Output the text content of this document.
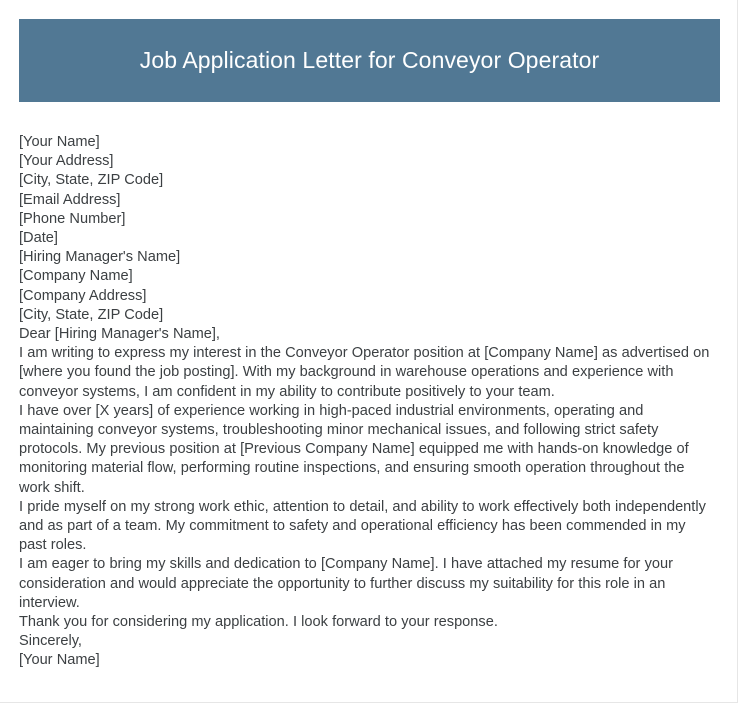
Job Application Letter for Conveyor Operator
[Your Name]
[Your Address]
[City, State, ZIP Code]
[Email Address]
[Phone Number]
[Date]
[Hiring Manager's Name]
[Company Name]
[Company Address]
[City, State, ZIP Code]
Dear [Hiring Manager's Name],

I am writing to express my interest in the Conveyor Operator position at [Company Name] as advertised on [where you found the job posting]. With my background in warehouse operations and experience with conveyor systems, I am confident in my ability to contribute positively to your team.

I have over [X years] of experience working in high-paced industrial environments, operating and maintaining conveyor systems, troubleshooting minor mechanical issues, and following strict safety protocols. My previous position at [Previous Company Name] equipped me with hands-on knowledge of monitoring material flow, performing routine inspections, and ensuring smooth operation throughout the work shift.

I pride myself on my strong work ethic, attention to detail, and ability to work effectively both independently and as part of a team. My commitment to safety and operational efficiency has been commended in my past roles.

I am eager to bring my skills and dedication to [Company Name]. I have attached my resume for your consideration and would appreciate the opportunity to further discuss my suitability for this role in an interview.

Thank you for considering my application. I look forward to your response.

Sincerely,
[Your Name]
